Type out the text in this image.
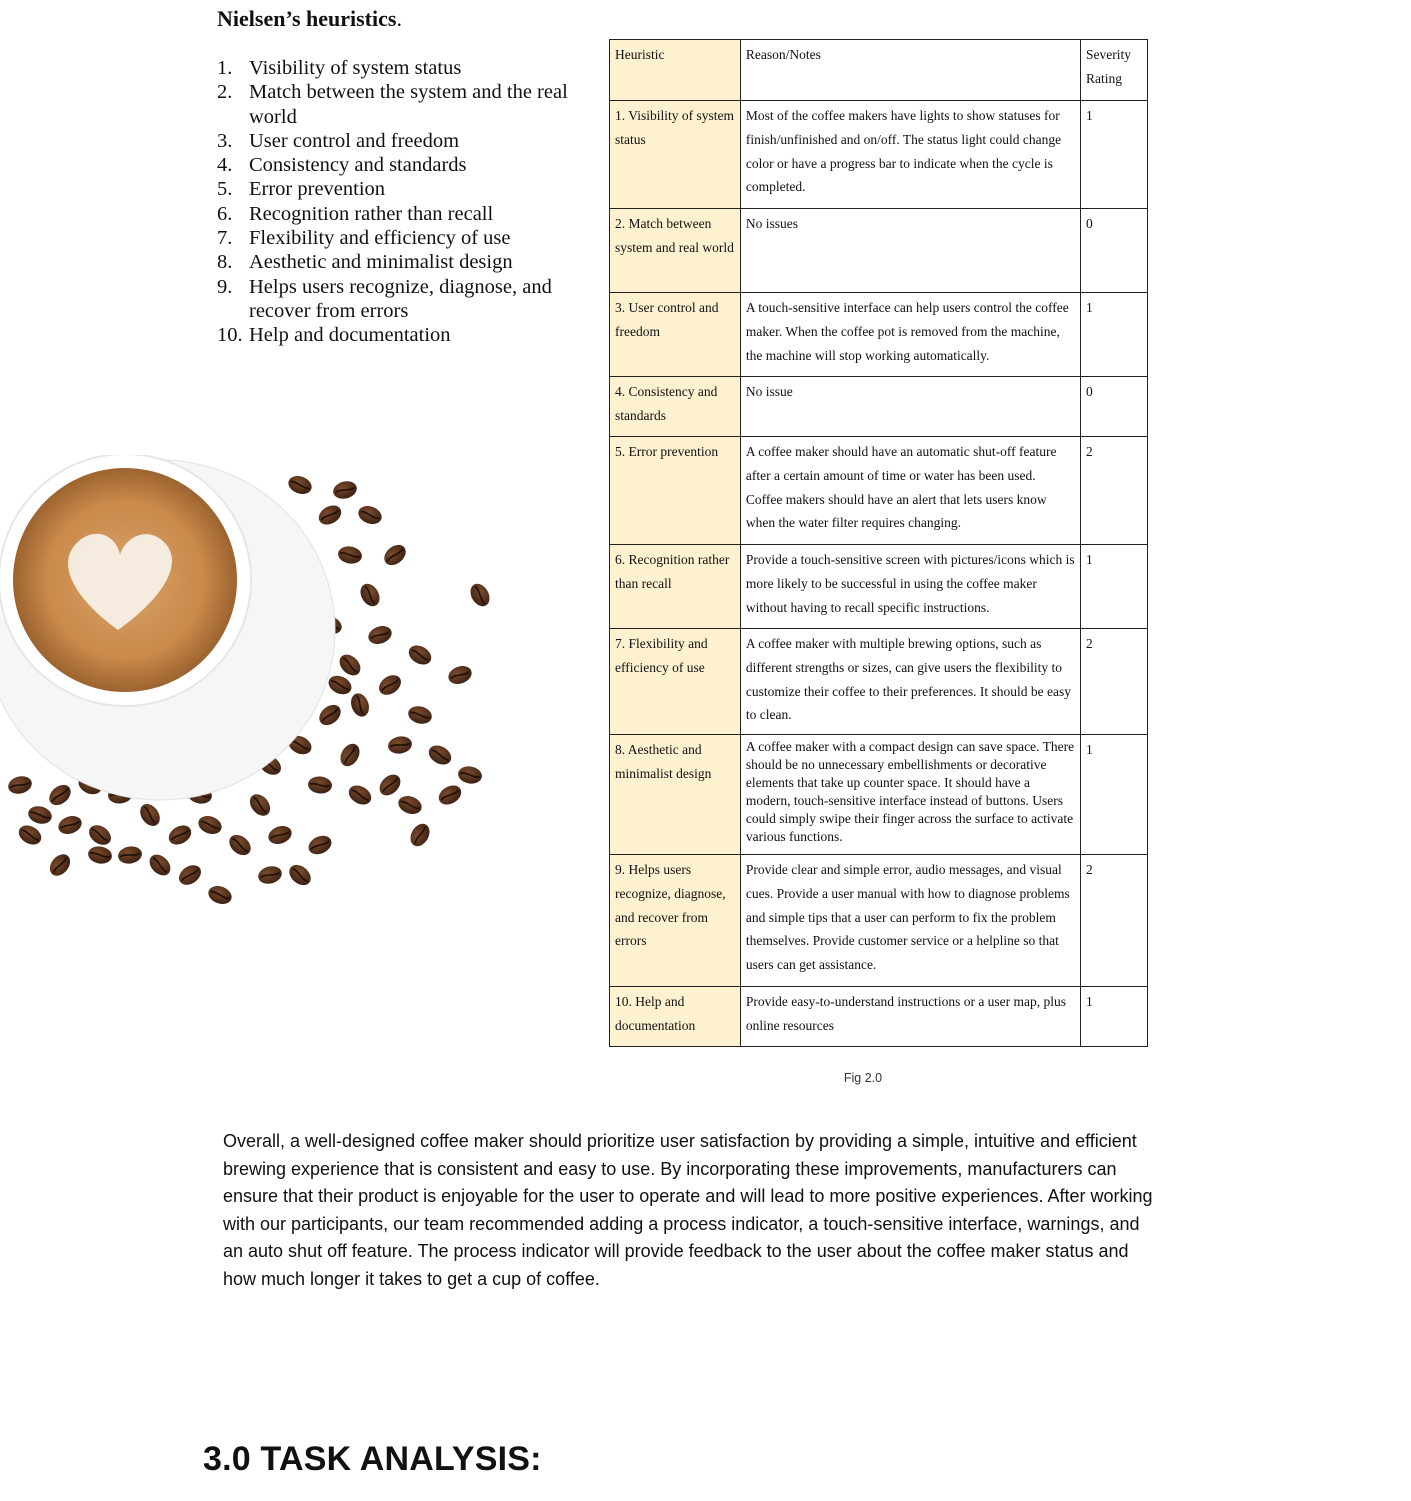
Nielsen’s heuristics.
1. Visibility of system status
2. Match between the system and the real world
3. User control and freedom
4. Consistency and standards
5. Error prevention
6. Recognition rather than recall
7. Flexibility and efficiency of use
8. Aesthetic and minimalist design
9. Helps users recognize, diagnose, and recover from errors
10. Help and documentation
Heuristic	Reason/Notes	Severity Rating
1. Visibility of system status	Most of the coffee makers have lights to show statuses for finish/unfinished and on/off. The status light could change color or have a progress bar to indicate when the cycle is completed.	1
2. Match between system and real world	No issues	0
3. User control and freedom	A touch-sensitive interface can help users control the coffee maker. When the coffee pot is removed from the machine, the machine will stop working automatically.	1
4. Consistency and standards	No issue	0
5. Error prevention	A coffee maker should have an automatic shut-off feature after a certain amount of time or water has been used. Coffee makers should have an alert that lets users know when the water filter requires changing.	2
6. Recognition rather than recall	Provide a touch-sensitive screen with pictures/icons which is more likely to be successful in using the coffee maker without having to recall specific instructions.	1
7. Flexibility and efficiency of use	A coffee maker with multiple brewing options, such as different strengths or sizes, can give users the flexibility to customize their coffee to their preferences. It should be easy to clean.	2
8. Aesthetic and minimalist design	A coffee maker with a compact design can save space. There should be no unnecessary embellishments or decorative elements that take up counter space. It should have a modern, touch-sensitive interface instead of buttons. Users could simply swipe their finger across the surface to activate various functions.	1
9. Helps users recognize, diagnose, and recover from errors	Provide clear and simple error, audio messages, and visual cues. Provide a user manual with how to diagnose problems and simple tips that a user can perform to fix the problem themselves. Provide customer service or a helpline so that users can get assistance.	2
10. Help and documentation	Provide easy-to-understand instructions or a user map, plus online resources	1
Fig 2.0

Overall, a well-designed coffee maker should prioritize user satisfaction by providing a simple, intuitive and efficient brewing experience that is consistent and easy to use. By incorporating these improvements, manufacturers can ensure that their product is enjoyable for the user to operate and will lead to more positive experiences. After working with our participants, our team recommended adding a process indicator, a touch-sensitive interface, warnings, and an auto shut off feature. The process indicator will provide feedback to the user about the coffee maker status and how much longer it takes to get a cup of coffee.

3.0 TASK ANALYSIS:
